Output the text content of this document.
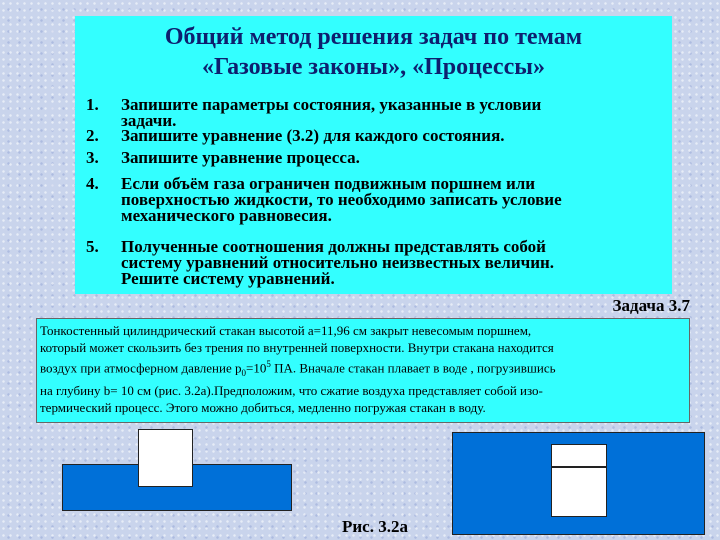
Общий метод решения задач по темам
«Газовые законы», «Процессы»
1. Запишите параметры состояния, указанные в условии
задачи.
2. Запишите уравнение (3.2) для каждого состояния.
3. Запишите уравнение процесса.
4. Если объём газа ограничен подвижным поршнем или
поверхностью жидкости, то необходимо записать условие
механического равновесия.
5. Полученные соотношения должны представлять собой
систему уравнений относительно неизвестных величин.
Решите систему уравнений.
Задача 3.7
Тонкостенный цилиндрический стакан высотой a=11,96 см закрыт невесомым поршнем,
который может скользить без трения по внутренней поверхности. Внутри стакана находится
воздух при атмосферном давление $p_0=10^5$ ПА. Вначале стакан плавает в воде , погрузившись
на глубину b= 10 см (рис. 3.2а).Предположим, что сжатие воздуха представляет собой изо-
термический процесс. Этого можно добиться, медленно погружая стакан в воду.
Рис. 3.2а
